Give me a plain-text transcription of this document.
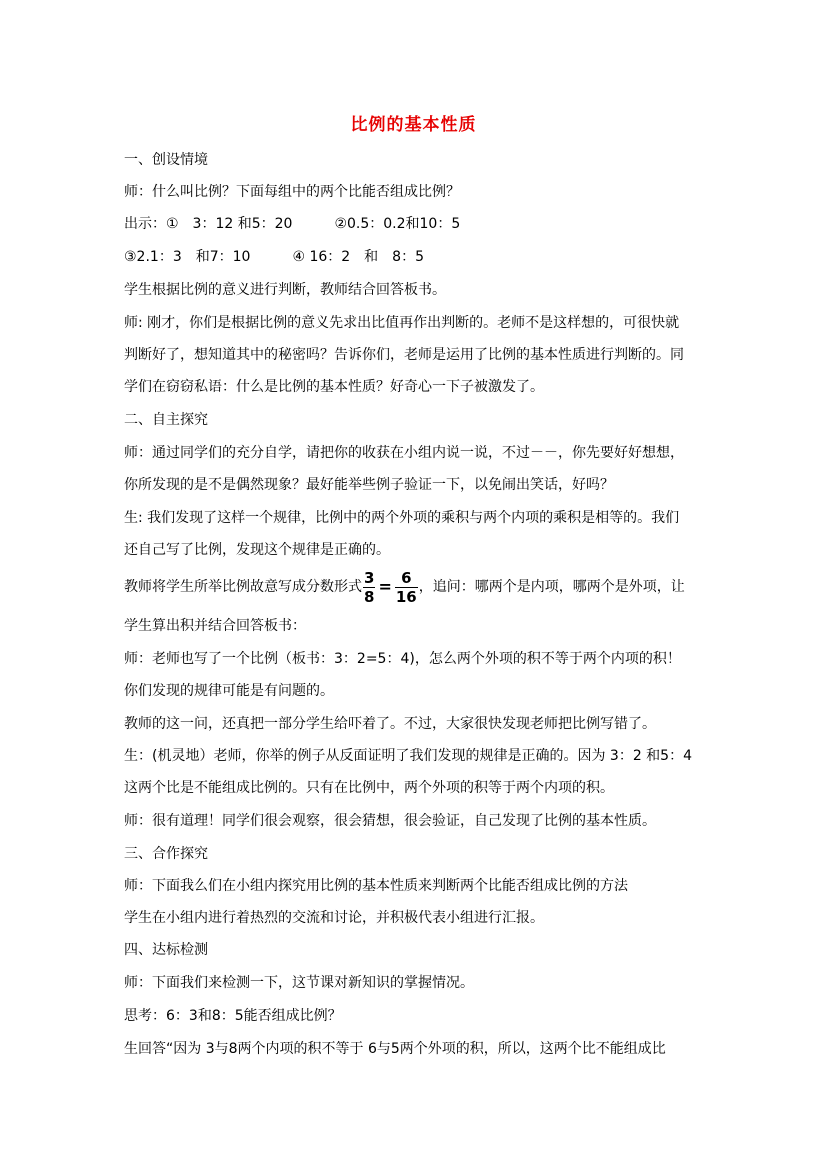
比例的基本性质
一、创设情境
师：什么叫比例？下面每组中的两个比能否组成比例？
出示：①　3：12 和5：20　　　②0.5：0.2和10：5
③2.1：3　和7：10　　　④ 16：2　和　8：5
学生根据比例的意义进行判断，教师结合回答板书。
师: 刚才，你们是根据比例的意义先求出比值再作出判断的。老师不是这样想的，可很快就
判断好了，想知道其中的秘密吗？告诉你们，老师是运用了比例的基本性质进行判断的。同
学们在窃窃私语：什么是比例的基本性质？好奇心一下子被激发了。
二、自主探究
师：通过同学们的充分自学，请把你的收获在小组内说一说，不过－－，你先要好好想想，
你所发现的是不是偶然现象？最好能举些例子验证一下，以免闹出笑话，好吗？
生: 我们发现了这样一个规律，比例中的两个外项的乘积与两个内项的乘积是相等的。我们
还自己写了比例，发现这个规律是正确的。
教师将学生所举比例故意写成分数形式 $\frac{3}{8} = \frac{6}{16}$ ，追问：哪两个是内项，哪两个是外项，让
学生算出积并结合回答板书：
师：老师也写了一个比例（板书：3：2=5：4)，怎么两个外项的积不等于两个内项的积！
你们发现的规律可能是有问题的。
教师的这一问，还真把一部分学生给吓着了。不过，大家很快发现老师把比例写错了。
生：(机灵地）老师，你举的例子从反面证明了我们发现的规律是正确的。因为 3：2 和5：4
这两个比是不能组成比例的。只有在比例中，两个外项的积等于两个内项的积。
师：很有道理！同学们很会观察，很会猜想，很会验证，自己发现了比例的基本性质。
三、合作探究
师：下面我么们在小组内探究用比例的基本性质来判断两个比能否组成比例的方法
学生在小组内进行着热烈的交流和讨论，并积极代表小组进行汇报。
四、达标检测
师：下面我们来检测一下，这节课对新知识的掌握情况。
思考：6：3和8：5能否组成比例？
生回答“因为 3与8两个内项的积不等于 6与5两个外项的积，所以，这两个比不能组成比
